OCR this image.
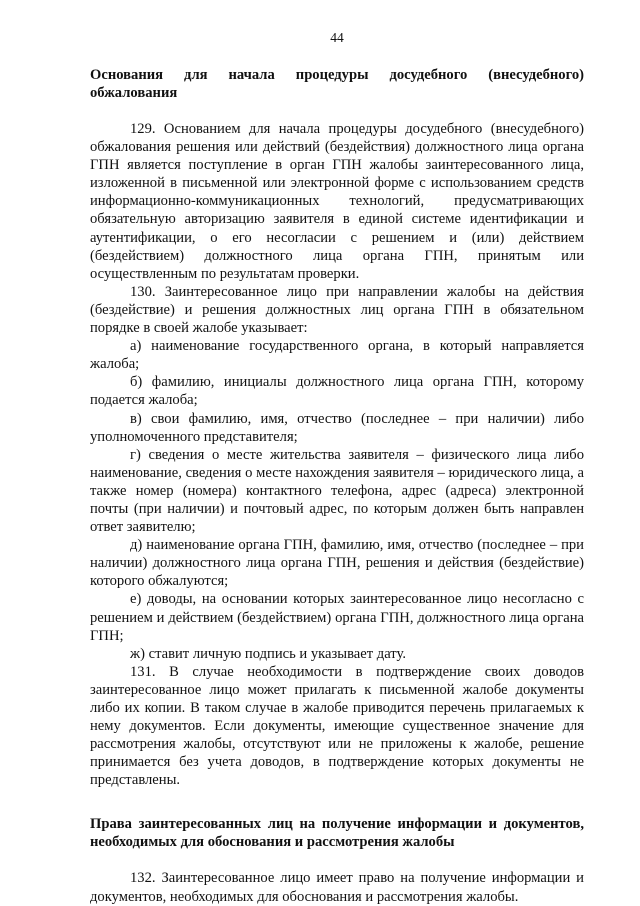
44
Основания для начала процедуры досудебного (внесудебного) обжалования

129. Основанием для начала процедуры досудебного (внесудебного) обжалования решения или действий (бездействия) должностного лица органа ГПН является поступление в орган ГПН жалобы заинтересованного лица, изложенной в письменной или электронной форме с использованием средств информационно-коммуникационных технологий, предусматривающих обязательную авторизацию заявителя в единой системе идентификации и аутентификации, о его несогласии с решением и (или) действием (бездействием) должностного лица органа ГПН, принятым или осуществленным по результатам проверки.

130. Заинтересованное лицо при направлении жалобы на действия (бездействие) и решения должностных лиц органа ГПН в обязательном порядке в своей жалобе указывает:

а) наименование государственного органа, в который направляется жалоба;

б) фамилию, инициалы должностного лица органа ГПН, которому подается жалоба;

в) свои фамилию, имя, отчество (последнее – при наличии) либо уполномоченного представителя;

г) сведения о месте жительства заявителя – физического лица либо наименование, сведения о месте нахождения заявителя – юридического лица, а также номер (номера) контактного телефона, адрес (адреса) электронной почты (при наличии) и почтовый адрес, по которым должен быть направлен ответ заявителю;

д) наименование органа ГПН, фамилию, имя, отчество (последнее – при наличии) должностного лица органа ГПН, решения и действия (бездействие) которого обжалуются;

е) доводы, на основании которых заинтересованное лицо несогласно с решением и действием (бездействием) органа ГПН, должностного лица органа ГПН;

ж) ставит личную подпись и указывает дату.

131. В случае необходимости в подтверждение своих доводов заинтересованное лицо может прилагать к письменной жалобе документы либо их копии. В таком случае в жалобе приводится перечень прилагаемых к нему документов. Если документы, имеющие существенное значение для рассмотрения жалобы, отсутствуют или не приложены к жалобе, решение принимается без учета доводов, в подтверждение которых документы не представлены.

Права заинтересованных лиц на получение информации и документов, необходимых для обоснования и рассмотрения жалобы

132. Заинтересованное лицо имеет право на получение информации и документов, необходимых для обоснования и рассмотрения жалобы.
